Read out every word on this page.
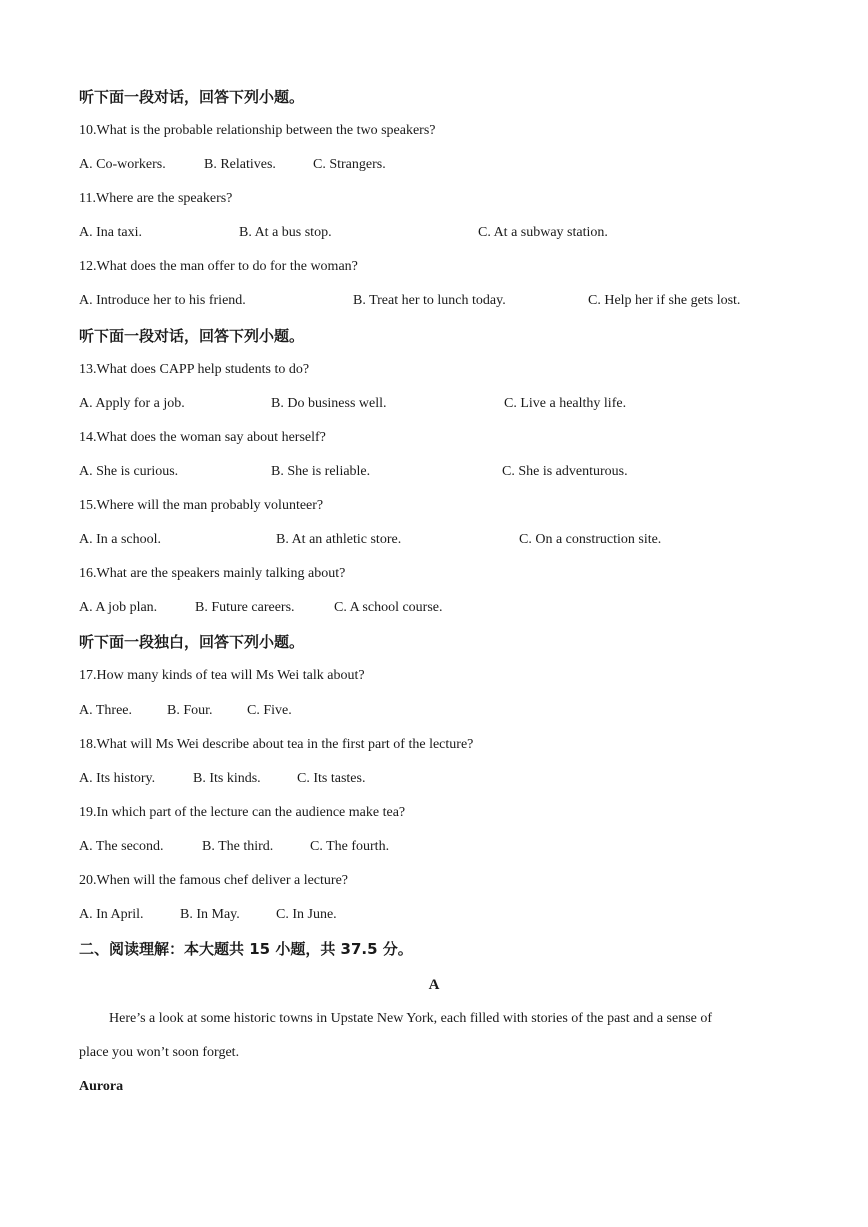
听下面一段对话，回答下列小题。
10.What is the probable relationship between the two speakers?
A. Co-workers.	B. Relatives.	C. Strangers.
11.Where are the speakers?
A. Ina taxi.	B. At a bus stop.	C. At a subway station.
12.What does the man offer to do for the woman?
A. Introduce her to his friend.	B. Treat her to lunch today.	C. Help her if she gets lost.
听下面一段对话，回答下列小题。
13.What does CAPP help students to do?
A. Apply for a job.	B. Do business well.	C. Live a healthy life.
14.What does the woman say about herself?
A. She is curious.	B. She is reliable.	C. She is adventurous.
15.Where will the man probably volunteer?
A. In a school.	B. At an athletic store.	C. On a construction site.
16.What are the speakers mainly talking about?
A. A job plan.	B. Future careers.	C. A school course.
听下面一段独白，回答下列小题。
17.How many kinds of tea will Ms Wei talk about?
A. Three.	B. Four. C. Five.
18.What will Ms Wei describe about tea in the first part of the lecture?
A. Its history.	B. Its kinds.	C. Its tastes.
19.In which part of the lecture can the audience make tea?
A. The second.	B. The third.	C. The fourth.
20.When will the famous chef deliver a lecture?
A. In April.	B. In May.	C. In June.
二、阅读理解：本大题共 15 小题，共 37.5 分。
A
Here’s a look at some historic towns in Upstate New York, each filled with stories of the past and a sense of
place you won’t soon forget.
Aurora
